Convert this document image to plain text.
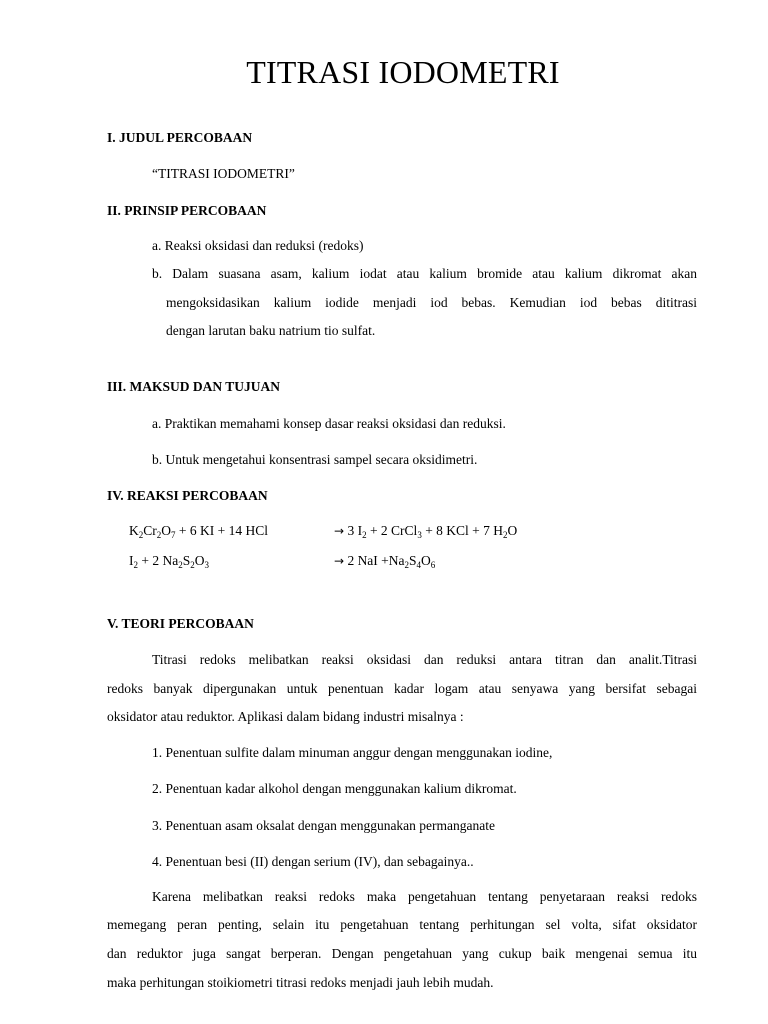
TITRASI IODOMETRI
I. JUDUL PERCOBAAN
“TITRASI IODOMETRI”
II. PRINSIP PERCOBAAN
a. Reaksi oksidasi dan reduksi (redoks)
b. Dalam suasana asam, kalium iodat atau kalium bromide atau kalium dikromat akan
mengoksidasikan kalium iodide menjadi iod bebas. Kemudian iod bebas dititrasi
dengan larutan baku natrium tio sulfat.
III. MAKSUD DAN TUJUAN
a. Praktikan memahami konsep dasar reaksi oksidasi dan reduksi.
b. Untuk mengetahui konsentrasi sampel secara oksidimetri.
IV. REAKSI PERCOBAAN
$K_2Cr_2O_7 + 6$ KI + 14 HCl	→ 3 $I_2 + 2$ CrCl$_3$ + 8 KCl + 7 $H_2O$
$I_2 + 2$ $Na_2S_2O_3$	→ 2 NaI $+Na_2S_4O_6$
V. TEORI PERCOBAAN
Titrasi redoks melibatkan reaksi oksidasi dan reduksi antara titran dan analit.Titrasi
redoks banyak dipergunakan untuk penentuan kadar logam atau senyawa yang bersifat sebagai
oksidator atau reduktor. Aplikasi dalam bidang industri misalnya :
1. Penentuan sulfite dalam minuman anggur dengan menggunakan iodine,
2. Penentuan kadar alkohol dengan menggunakan kalium dikromat.
3. Penentuan asam oksalat dengan menggunakan permanganate
4. Penentuan besi (II) dengan serium (IV), dan sebagainya..
Karena melibatkan reaksi redoks maka pengetahuan tentang penyetaraan reaksi redoks
memegang peran penting, selain itu pengetahuan tentang perhitungan sel volta, sifat oksidator
dan reduktor juga sangat berperan. Dengan pengetahuan yang cukup baik mengenai semua itu
maka perhitungan stoikiometri titrasi redoks menjadi jauh lebih mudah.
